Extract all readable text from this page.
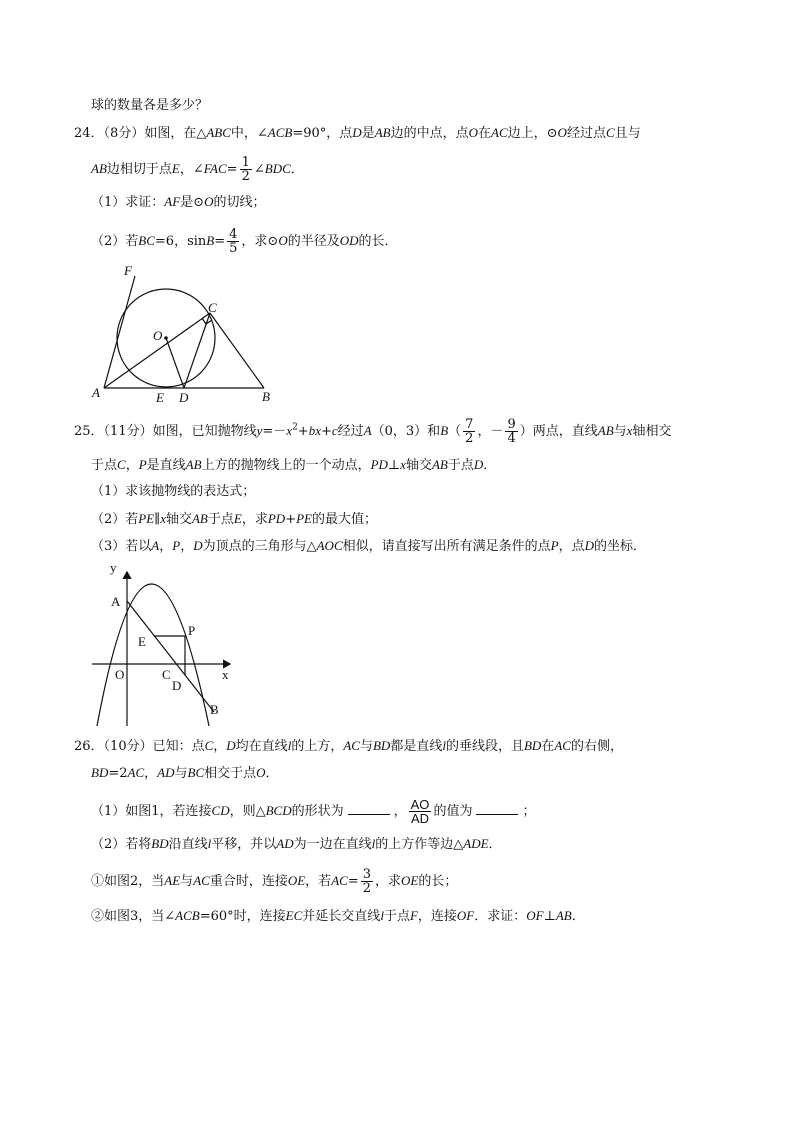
球的数量各是多少？
24．（8分）如图，在△ABC中，∠ACB=90°，点D是AB边的中点，点O在AC边上，⊙O经过点C且与
AB边相切于点E，∠FAC= $\frac{1}{2}$ ∠BDC．
（1）求证：AF是⊙O的切线；
（2）若BC=6，$\sin B= \frac{4}{5}$ ，求⊙O的半径及OD的长．
F
C
O
A	E D	B
25．（11分）如图，已知抛物线$y=-x^2+bx+c$经过A（0，3）和$B( \frac{7}{2}$ ，－ $\frac{9}{4}$ ）两点，直线AB与x轴相交
于点C，P是直线AB上方的抛物线上的一个动点，PD⊥x轴交AB于点D．
（1）求该抛物线的表达式；
（2）若PE∥x轴交AB于点E，求PD+PE的最大值；
（3）若以A，P，D为顶点的三角形与△AOC相似，请直接写出所有满足条件的点P，点D的坐标．
y
A
P
E
O	C	x
D
B
26．（10分）已知：点C，D均在直线l的上方，AC与BD都是直线l的垂线段，且BD在AC的右侧，
BD=2AC，AD与BC相交于点O．
（1）如图1，若连接CD，则△BCD的形状为	， $\frac{AO}{AD}$ 的值为	；
（2）若将BD沿直线l平移，并以AD为一边在直线l的上方作等边△ADE．
①如图2，当AE与AC重合时，连接OE，若$AC= \frac{3}{2}$ ，求OE的长；
②如图3，当∠ACB=60°时，连接EC并延长交直线l于点F，连接OF．求证：OF⊥AB．
